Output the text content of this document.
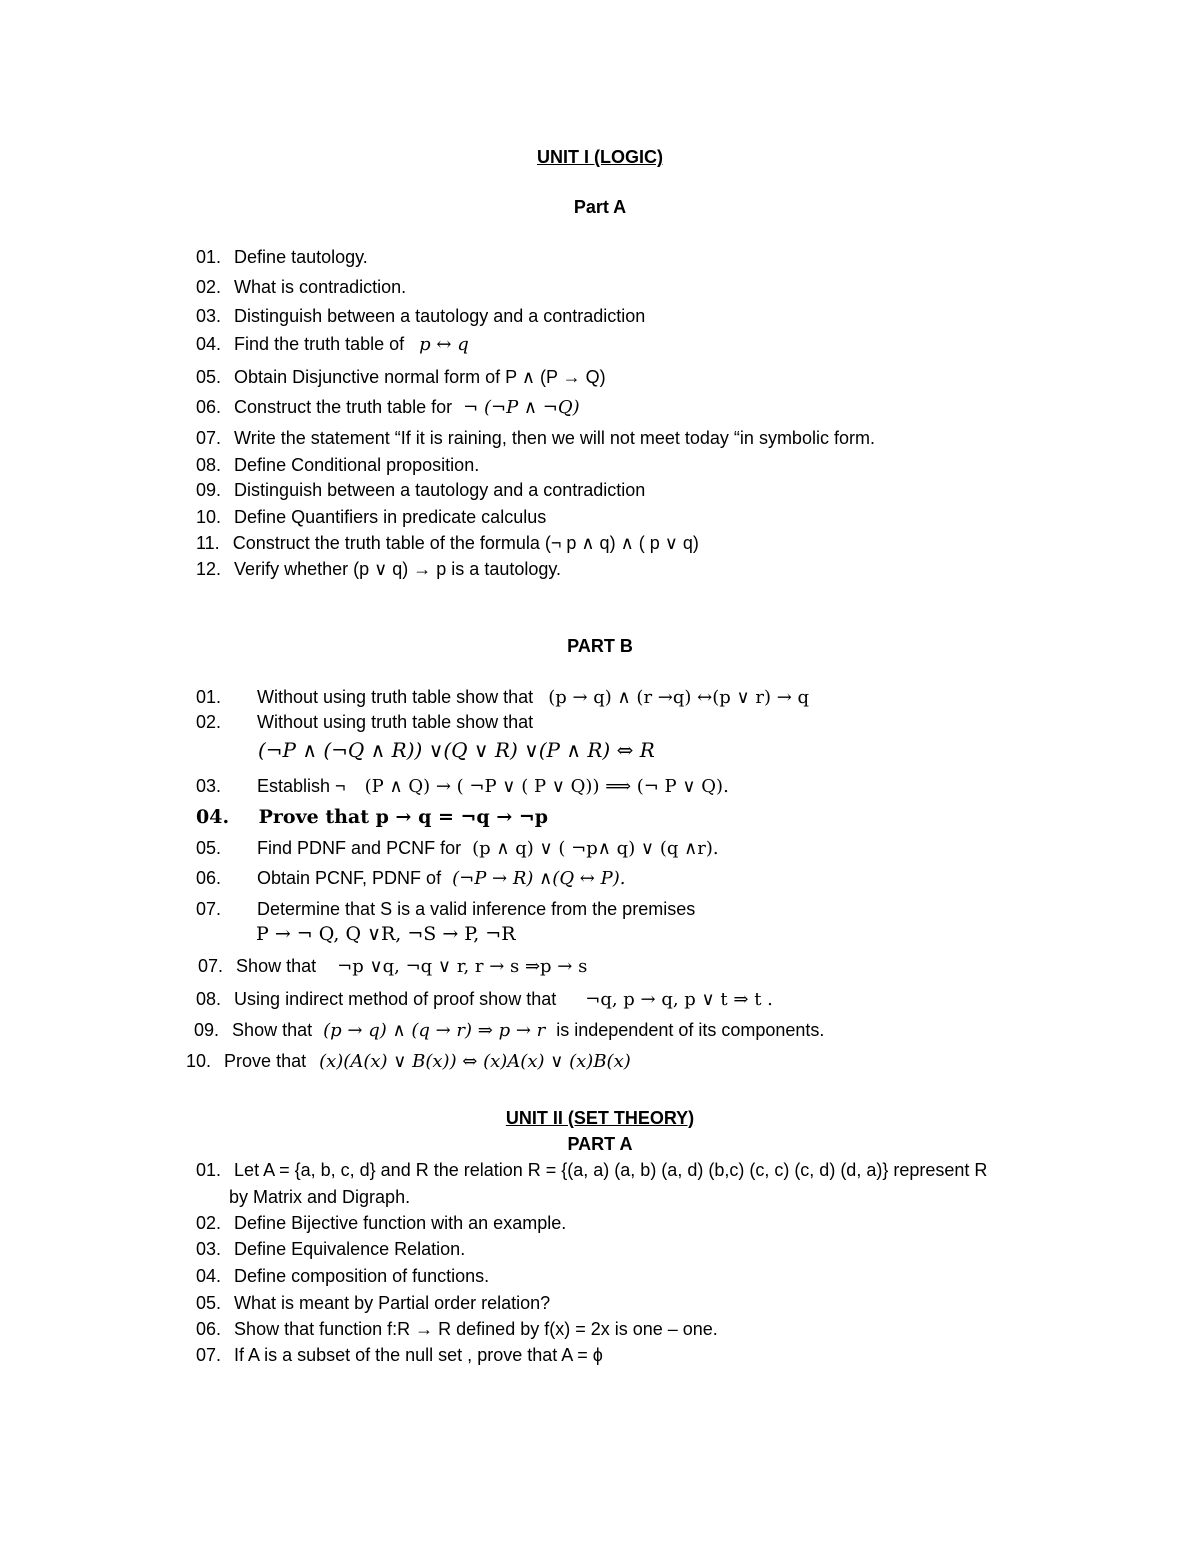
UNIT I (LOGIC)
Part A
01. Define tautology.
02. What is contradiction.
03. Distinguish between a tautology and a contradiction
04. Find the truth table of p ↔ q
05. Obtain Disjunctive normal form of P ∧ (P → Q)
06. Construct the truth table for ¬ (¬P ∧ ¬Q)
07. Write the statement “If it is raining, then we will not meet today “in symbolic form.
08. Define Conditional proposition.
09. Distinguish between a tautology and a contradiction
10. Define Quantifiers in predicate calculus
11. Construct the truth table of the formula (¬ p ∧ q) ∧ ( p ∨ q)
12. Verify whether (p ∨ q) → p is a tautology.
PART B
01. Without using truth table show that (p → q) ∧ (r →q) ↔(p ∨ r) → q
02. Without using truth table show that
(¬P ∧ (¬Q ∧ R)) ∨(Q ∨ R) ∨(P ∧ R) ⇔ R
03. Establish ¬ (P ∧ Q) → ( ¬P ∨ ( P ∨ Q)) ⟹ (¬ P ∨ Q).
04. Prove that p → q = ¬q → ¬p
05. Find PDNF and PCNF for (p ∧ q) ∨ ( ¬p∧ q) ∨ (q ∧r).
06. Obtain PCNF, PDNF of (¬P → R) ∧(Q ↔ P).
07. Determine that S is a valid inference from the premises
P → ¬ Q, Q ∨R, ¬S → P, ¬R
07. Show that ¬p ∨q, ¬q ∨ r, r → s ⇒p → s
08. Using indirect method of proof show that ¬q, p → q, p ∨ t ⇒ t .
09. Show that (p → q) ∧ (q → r) ⇒ p → r is independent of its components.
10. Prove that (x)(A(x) ∨ B(x)) ⇔ (x)A(x) ∨ (x)B(x)
UNIT II (SET THEORY)
PART A
01. Let A = {a, b, c, d} and R the relation R = {(a, a) (a, b) (a, d) (b,c) (c, c) (c, d) (d, a)} represent R
by Matrix and Digraph.
02. Define Bijective function with an example.
03. Define Equivalence Relation.
04. Define composition of functions.
05. What is meant by Partial order relation?
06. Show that function f:R → R defined by f(x) = 2x is one – one.
07. If A is a subset of the null set , prove that A = ϕ
